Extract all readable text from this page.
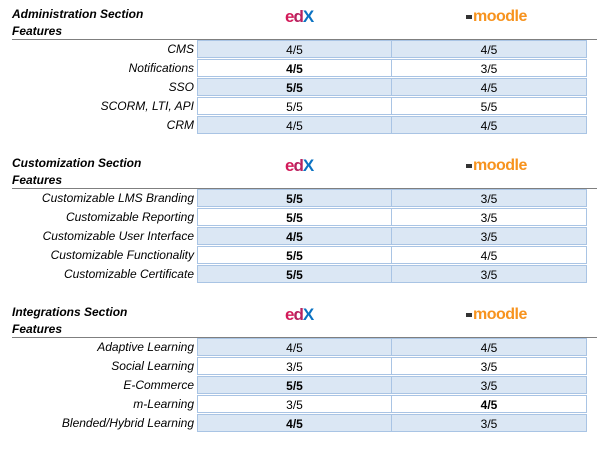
Administration Section
Features
edX	moodle
CMS	4/5	4/5
Notifications	4/5	3/5
SSO	5/5	4/5
SCORM, LTI, API	5/5	5/5
CRM	4/5	4/5
Customization Section
Features
edX	moodle
Customizable LMS Branding	5/5	3/5
Customizable Reporting	5/5	3/5
Customizable User Interface	4/5	3/5
Customizable Functionality	5/5	4/5
Customizable Certificate	5/5	3/5
Integrations Section
Features
edX	moodle
Adaptive Learning	4/5	4/5
Social Learning	3/5	3/5
E-Commerce	5/5	3/5
m-Learning	3/5	4/5
Blended/Hybrid Learning	4/5	3/5
